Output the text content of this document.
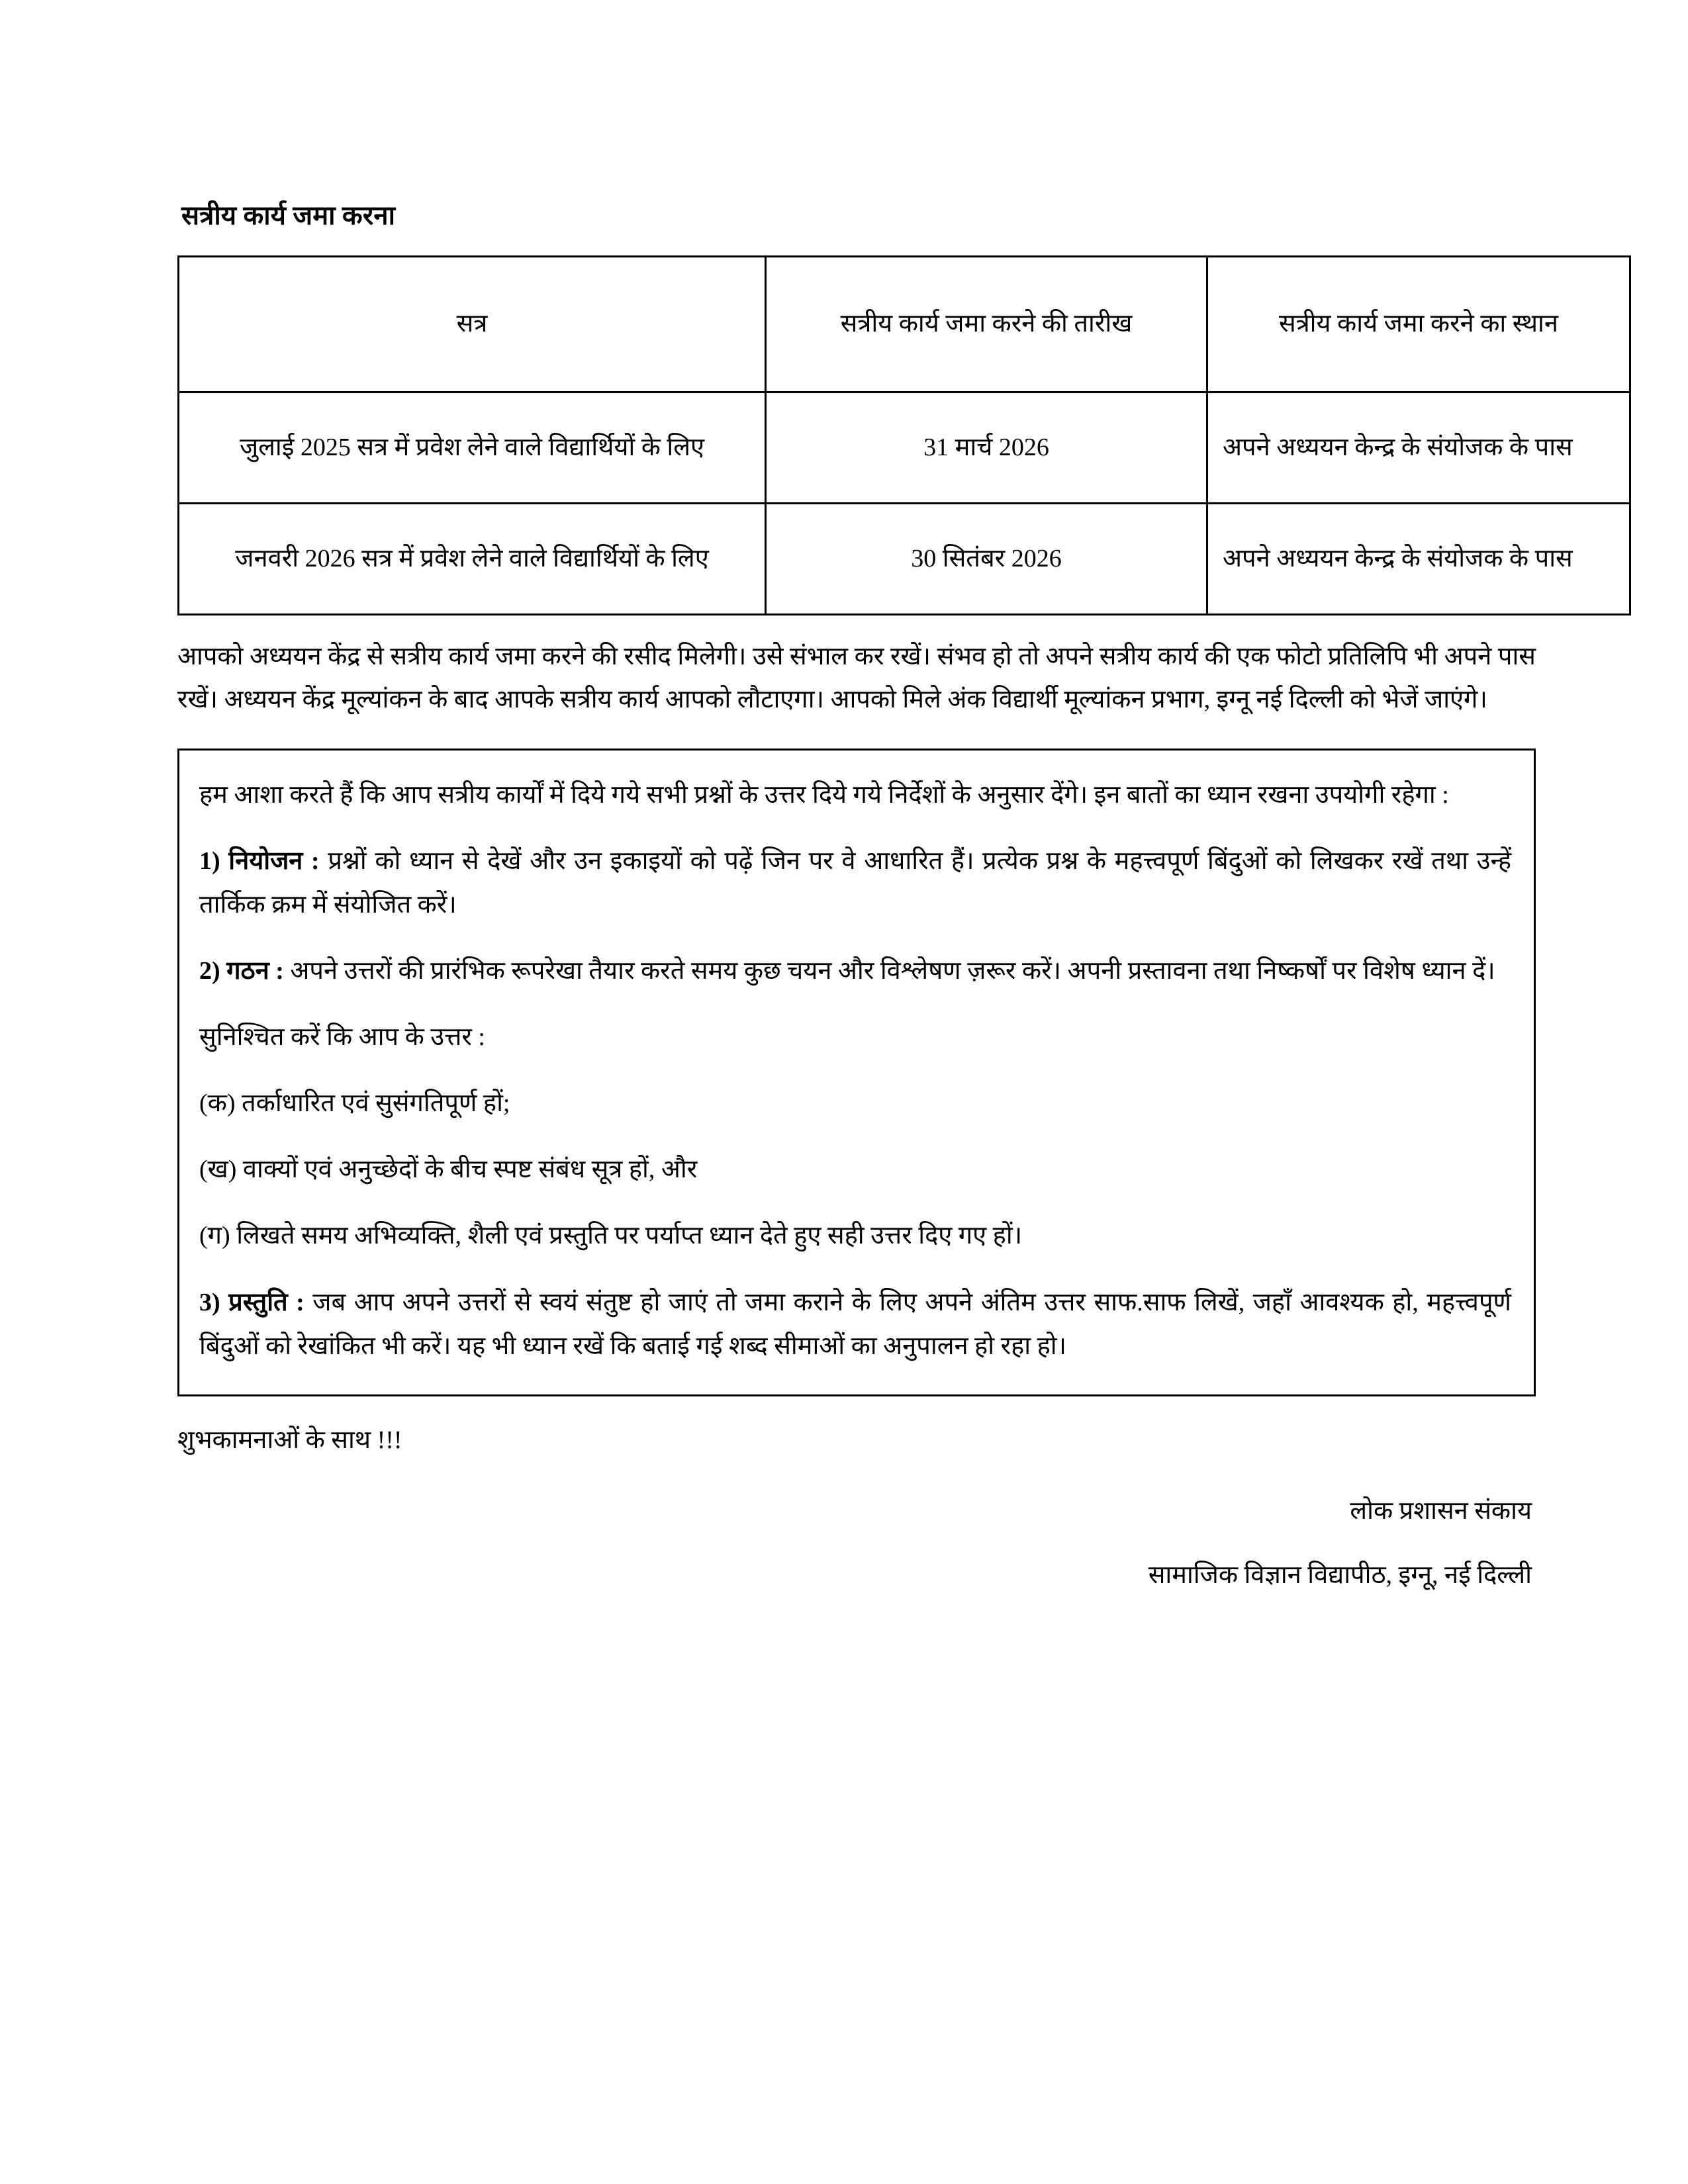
सत्रीय कार्य जमा करना
सत्र	सत्रीय कार्य जमा करने की तारीख	सत्रीय कार्य जमा करने का स्थान
जुलाई 2025 सत्र में प्रवेश लेने वाले विद्यार्थियों के लिए	31 मार्च 2026	अपने अध्ययन केन्द्र के संयोजक के पास
जनवरी 2026 सत्र में प्रवेश लेने वाले विद्यार्थियों के लिए	30 सितंबर 2026	अपने अध्ययन केन्द्र के संयोजक के पास

आपको अध्ययन केंद्र से सत्रीय कार्य जमा करने की रसीद मिलेगी। उसे संभाल कर रखें। संभव हो तो अपने सत्रीय कार्य की एक फोटो प्रतिलिपि भी अपने पास रखें। अध्ययन केंद्र मूल्यांकन के बाद आपके सत्रीय कार्य आपको लौटाएगा। आपको मिले अंक विद्यार्थी मूल्यांकन प्रभाग, इग्नू नई दिल्ली को भेजें जाएंगे।

हम आशा करते हैं कि आप सत्रीय कार्यों में दिये गये सभी प्रश्नों के उत्तर दिये गये निर्देशों के अनुसार देंगे। इन बातों का ध्यान रखना उपयोगी रहेगा :

1) नियोजन : प्रश्नों को ध्यान से देखें और उन इकाइयों को पढ़ें जिन पर वे आधारित हैं। प्रत्येक प्रश्न के महत्त्वपूर्ण बिंदुओं को लिखकर रखें तथा उन्हें तार्किक क्रम में संयोजित करें।

2) गठन : अपने उत्तरों की प्रारंभिक रूपरेखा तैयार करते समय कुछ चयन और विश्लेषण ज़रूर करें। अपनी प्रस्तावना तथा निष्कर्षों पर विशेष ध्यान दें।

सुनिश्चित करें कि आप के उत्तर :

(क) तर्काधारित एवं सुसंगतिपूर्ण हों;

(ख) वाक्यों एवं अनुच्छेदों के बीच स्पष्ट संबंध सूत्र हों, और

(ग) लिखते समय अभिव्यक्ति, शैली एवं प्रस्तुति पर पर्याप्त ध्यान देते हुए सही उत्तर दिए गए हों।

3) प्रस्तुति : जब आप अपने उत्तरों से स्वयं संतुष्ट हो जाएं तो जमा कराने के लिए अपने अंतिम उत्तर साफ.साफ लिखें, जहाँ आवश्यक हो, महत्त्वपूर्ण बिंदुओं को रेखांकित भी करें। यह भी ध्यान रखें कि बताई गई शब्द सीमाओं का अनुपालन हो रहा हो।

शुभकामनाओं के साथ !!!

लोक प्रशासन संकाय

सामाजिक विज्ञान विद्यापीठ, इग्नू, नई दिल्ली
